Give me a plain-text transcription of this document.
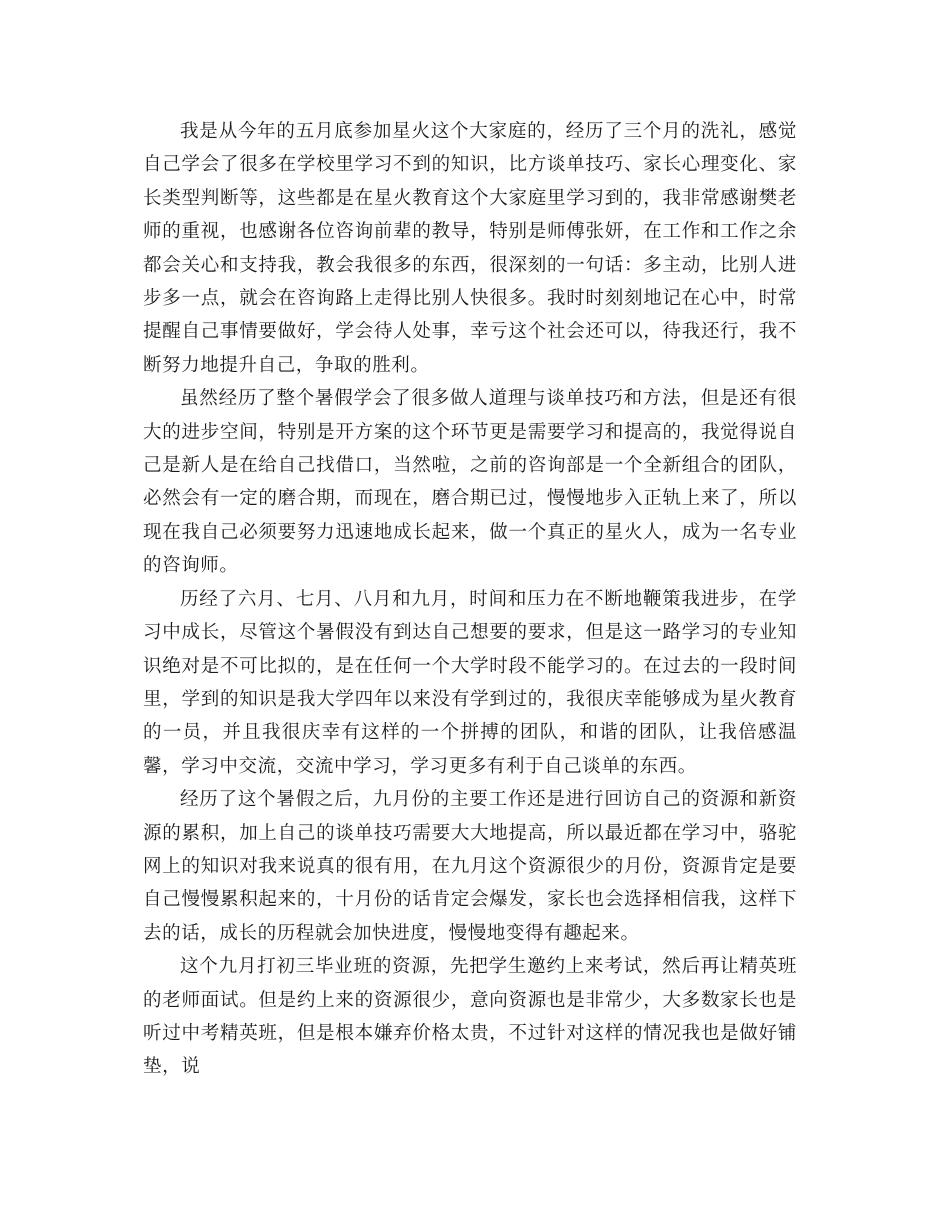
我是从今年的五月底参加星火这个大家庭的，经历了三个月的洗礼，感觉自己学会了很多在学校里学习不到的知识，比方谈单技巧、家长心理变化、家长类型判断等，这些都是在星火教育这个大家庭里学习到的，我非常感谢樊老师的重视，也感谢各位咨询前辈的教导，特别是师傅张妍，在工作和工作之余都会关心和支持我，教会我很多的东西，很深刻的一句话：多主动，比别人进步多一点，就会在咨询路上走得比别人快很多。我时时刻刻地记在心中，时常提醒自己事情要做好，学会待人处事，幸亏这个社会还可以，待我还行，我不断努力地提升自己，争取的胜利。

虽然经历了整个暑假学会了很多做人道理与谈单技巧和方法，但是还有很大的进步空间，特别是开方案的这个环节更是需要学习和提高的，我觉得说自己是新人是在给自己找借口，当然啦，之前的咨询部是一个全新组合的团队，必然会有一定的磨合期，而现在，磨合期已过，慢慢地步入正轨上来了，所以现在我自己必须要努力迅速地成长起来，做一个真正的星火人，成为一名专业的咨询师。

历经了六月、七月、八月和九月，时间和压力在不断地鞭策我进步，在学习中成长，尽管这个暑假没有到达自己想要的要求，但是这一路学习的专业知识绝对是不可比拟的，是在任何一个大学时段不能学习的。在过去的一段时间里，学到的知识是我大学四年以来没有学到过的，我很庆幸能够成为星火教育的一员，并且我很庆幸有这样的一个拼搏的团队，和谐的团队，让我倍感温馨，学习中交流，交流中学习，学习更多有利于自己谈单的东西。

经历了这个暑假之后，九月份的主要工作还是进行回访自己的资源和新资源的累积，加上自己的谈单技巧需要大大地提高，所以最近都在学习中，骆驼网上的知识对我来说真的很有用，在九月这个资源很少的月份，资源肯定是要自己慢慢累积起来的，十月份的话肯定会爆发，家长也会选择相信我，这样下去的话，成长的历程就会加快进度，慢慢地变得有趣起来。

这个九月打初三毕业班的资源，先把学生邀约上来考试，然后再让精英班的老师面试。但是约上来的资源很少，意向资源也是非常少，大多数家长也是听过中考精英班，但是根本嫌弃价格太贵，不过针对这样的情况我也是做好铺垫，说
